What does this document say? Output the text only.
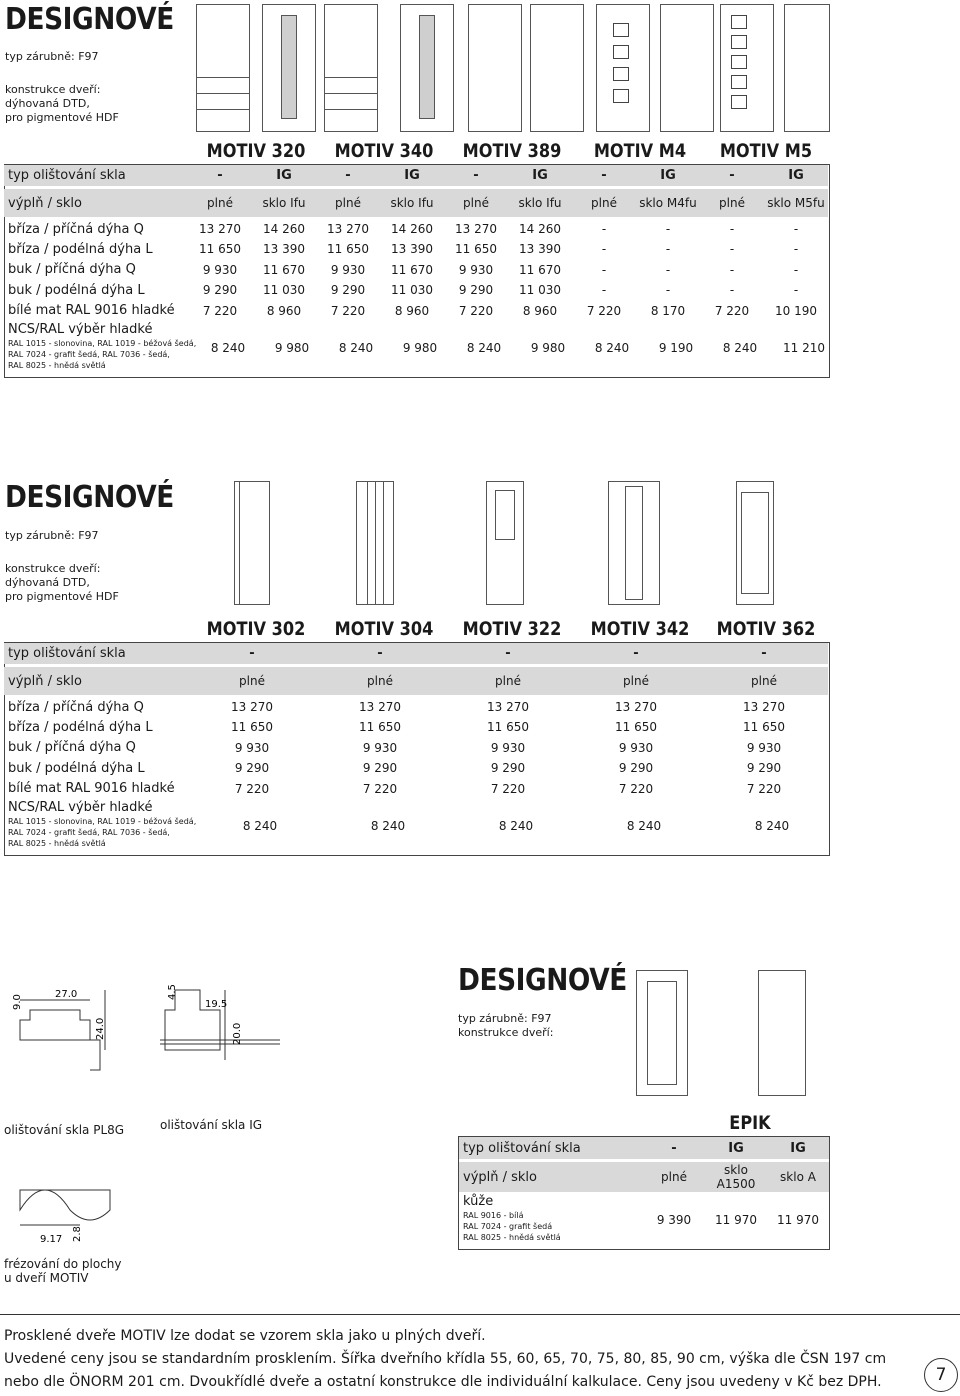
DESIGNOVÉ
typ zárubně: F97
konstrukce dveří:
dýhovaná DTD,
pro pigmentové HDF
MOTIV 320 MOTIV 340 MOTIV 389 MOTIV M4 MOTIV M5
typ olištování skla	-	IG	-	IG	-	IG	-	IG	-	IG
výplň / sklo	plné	sklo Ifu	plné	sklo Ifu	plné	sklo Ifu	plné	sklo M4fu	plné	sklo M5fu
bříza / příčná dýha Q	13 270	14 260	13 270	14 260	13 270	14 260	-	-	-	-
bříza / podélná dýha L	11 650	13 390	11 650	13 390	11 650	13 390	-	-	-	-
buk / příčná dýha Q	9 930	11 670	9 930	11 670	9 930	11 670	-	-	-	-
buk / podélná dýha L	9 290	11 030	9 290	11 030	9 290	11 030	-	-	-	-
bílé mat RAL 9016 hladké	7 220	8 960	7 220	8 960	7 220	8 960	7 220	8 170	7 220	10 190
NCS/RAL výběr hladké
RAL 1015 - slonovina, RAL 1019 - béžová šedá,
RAL 7024 - grafit šedá, RAL 7036 - šedá,
RAL 8025 - hnědá světlá
8 240	9 980	8 240	9 980	8 240	9 980	8 240	9 190	8 240	11 210
DESIGNOVÉ
typ zárubně: F97
konstrukce dveří:
dýhovaná DTD,
pro pigmentové HDF
MOTIV 302 MOTIV 304 MOTIV 322 MOTIV 342 MOTIV 362
typ olištování skla	-	-	-	-	-
výplň / sklo	plné	plné	plné	plné	plné
bříza / příčná dýha Q	13 270	13 270	13 270	13 270	13 270
bříza / podélná dýha L	11 650	11 650	11 650	11 650	11 650
buk / příčná dýha Q	9 930	9 930	9 930	9 930	9 930
buk / podélná dýha L	9 290	9 290	9 290	9 290	9 290
bílé mat RAL 9016 hladké	7 220	7 220	7 220	7 220	7 220
NCS/RAL výběr hladké
RAL 1015 - slonovina, RAL 1019 - béžová šedá,
RAL 7024 - grafit šedá, RAL 7036 - šedá,
RAL 8025 - hnědá světlá
8 240	8 240	8 240	8 240	8 240
9.0	27.0
24.0
4.5
19.5
20.0
9.17 2.8
olištování skla PL8G	olištování skla IG
frézování do plochy
u dveří MOTIV
DESIGNOVÉ
typ zárubně: F97
konstrukce dveří:
EPIK
typ olištování skla	-	IG	IG
výplň / sklo	plné	sklo A1500	sklo A
kůže
RAL 9016 - bílá
RAL 7024 - grafit šedá
RAL 8025 - hnědá světlá
9 390	11 970	11 970
Prosklené dveře MOTIV lze dodat se vzorem skla jako u plných dveří.
Uvedené ceny jsou se standardním prosklením. Šířka dveřního křídla 55, 60, 65, 70, 75, 80, 85, 90 cm, výška dle ČSN 197 cm
nebo dle ÖNORM 201 cm. Dvoukřídlé dveře a ostatní konstrukce dle individuální kalkulace. Ceny jsou uvedeny v Kč bez DPH.	7
